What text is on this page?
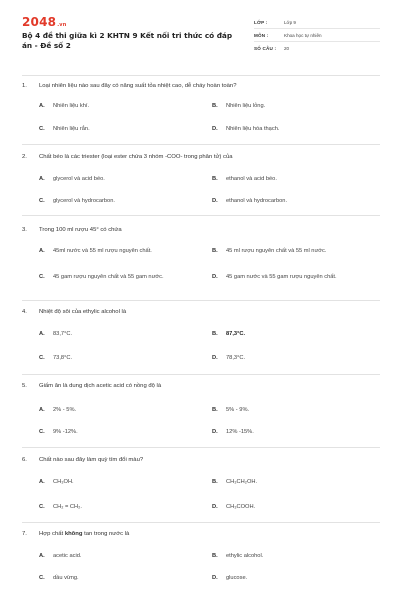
2048.vn
Bộ 4 đề thi giữa kì 2 KHTN 9 Kết nối tri thức có đáp án - Đề số 2
LỚP :	Lớp 9
MÔN :	Khoa học tự nhiên
SỐ CÂU :	20
1.	Loại nhiên liệu nào sau đây có năng suất tỏa nhiệt cao, dễ cháy hoàn toàn?
A.	Nhiên liệu khí.	B.	Nhiên liệu lỏng.
C.	Nhiên liệu rắn.	D.	Nhiên liệu hóa thạch.
2.	Chất béo là các triester (loại ester chứa 3 nhóm -COO- trong phân tử) của
A.	glycerol và acid béo.	B.	ethanol và acid béo.
C.	glycerol và hydrocarbon.	D.	ethanol và hydrocarbon.
3.	Trong 100 ml rượu 45° có chứa
A.	45ml nước và 55 ml rượu nguyên chất.	B.	45 ml rượu nguyên chất và 55 ml nước.
C.	45 gam rượu nguyên chất và 55 gam nước.	D.	45 gam nước và 55 gam rượu nguyên chất.
4.	Nhiệt độ sôi của ethylic alcohol là
A.	83,7°C.	B.	87,3°C.
C.	73,8°C.	D.	78,3°C.
5.	Giấm ăn là dung dịch acetic acid có nồng độ là
A.	2% - 5%.	B.	5% - 9%.
C.	9% -12%.	D.	12% -15%.
6.	Chất nào sau đây làm quỳ tím đổi màu?
A.	CH₃OH.	B.	CH₃CH₂OH.
C.	CH₂ = CH₂.	D.	CH₃COOH.
7.	Hợp chất không tan trong nước là
A.	acetic acid.	B.	ethylic alcohol.
C.	dầu vừng.	D.	glucose.
